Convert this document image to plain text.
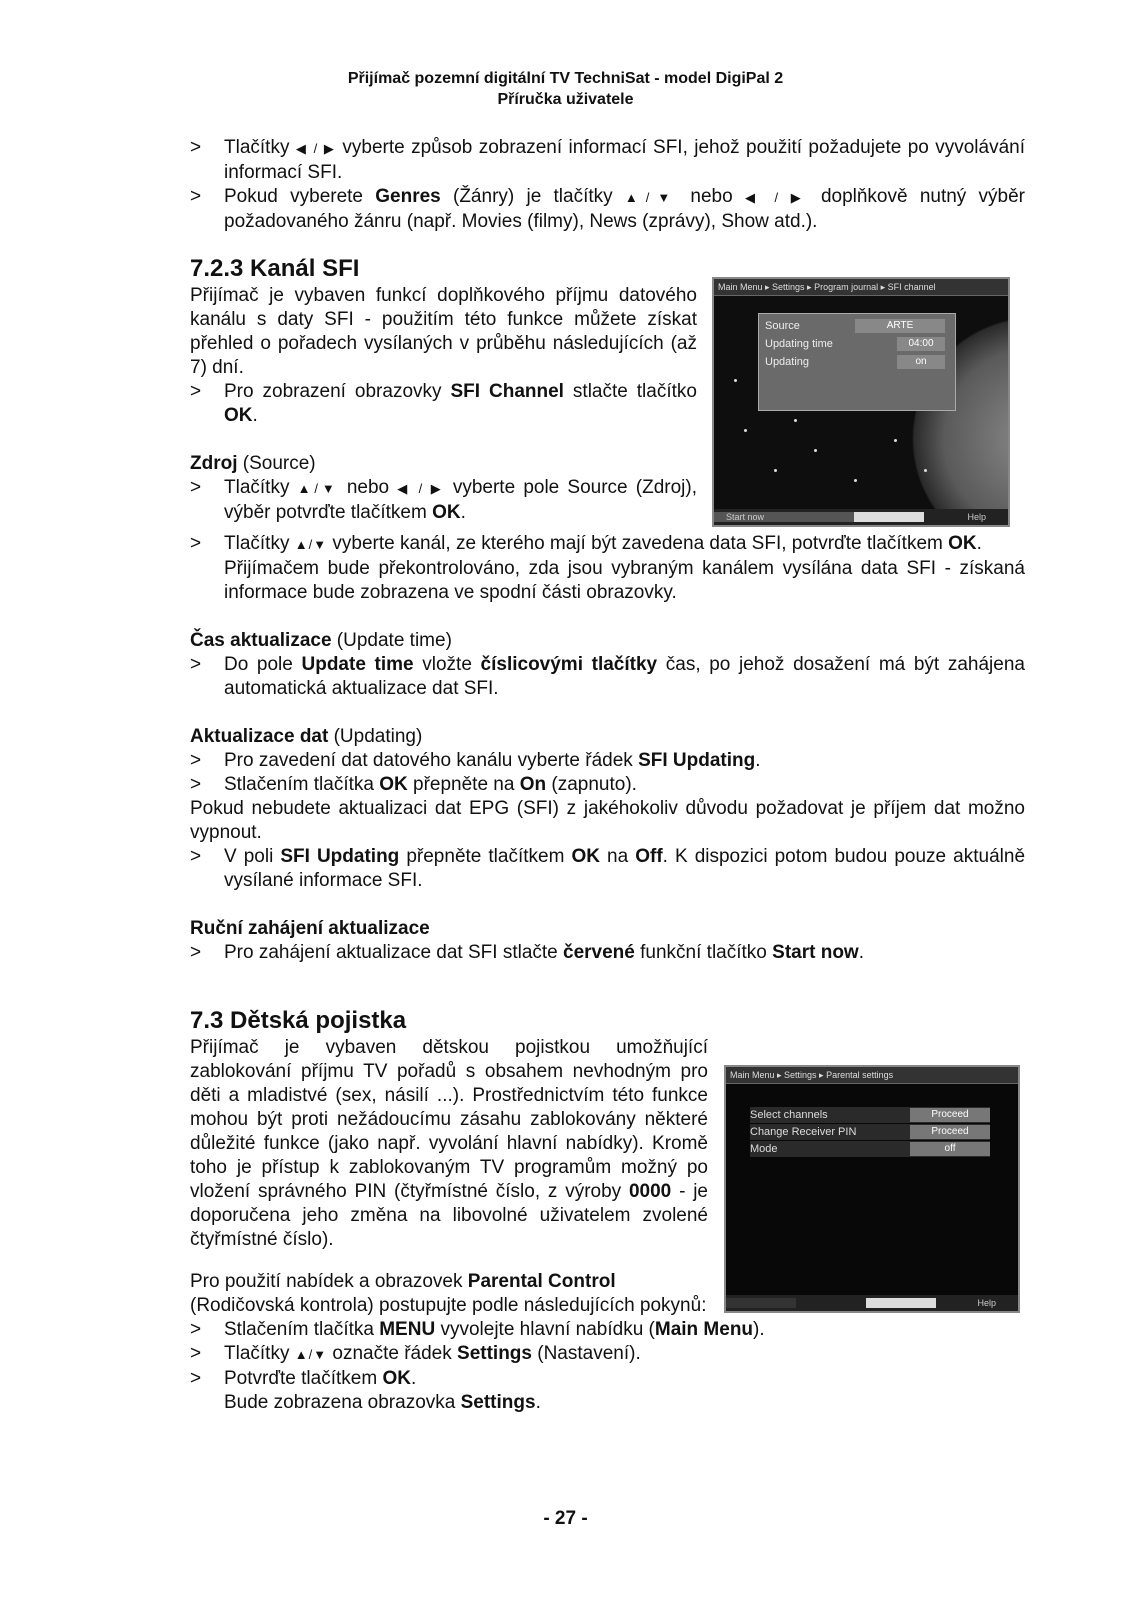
Přijímač pozemní digitální TV TechniSat - model DigiPal 2
Příručka uživatele

> Tlačítky ◀ / ▶ vyberte způsob zobrazení informací SFI, jehož použití požadujete po vyvolávání informací SFI.

> Pokud vyberete Genres (Žánry) je tlačítky ▲/▼ nebo ◀ / ▶ doplňkově nutný výběr požadovaného žánru (např. Movies (filmy), News (zprávy), Show atd.).

7.2.3 Kanál SFI

Přijímač je vybaven funkcí doplňkového příjmu datového kanálu s daty SFI - použitím této funkce můžete získat přehled o pořadech vysílaných v průběhu následujících (až 7) dní.

> Pro zobrazení obrazovky SFI Channel stlačte tlačítko OK.

Zdroj (Source)

> Tlačítky ▲/▼ nebo ◀ / ▶ vyberte pole Source (Zdroj), výběr potvrďte tlačítkem OK.

> Tlačítky ▲/▼ vyberte kanál, ze kterého mají být zavedena data SFI, potvrďte tlačítkem OK.

Přijímačem bude překontrolováno, zda jsou vybraným kanálem vysílána data SFI - získaná informace bude zobrazena ve spodní části obrazovky.

Čas aktualizace (Update time)

> Do pole Update time vložte číslicovými tlačítky čas, po jehož dosažení má být zahájena automatická aktualizace dat SFI.

Aktualizace dat (Updating)

> Pro zavedení dat datového kanálu vyberte řádek SFI Updating.

> Stlačením tlačítka OK přepněte na On (zapnuto).

Pokud nebudete aktualizaci dat EPG (SFI) z jakéhokoliv důvodu požadovat je příjem dat možno vypnout.

> V poli SFI Updating přepněte tlačítkem OK na Off. K dispozici potom budou pouze aktuálně vysílané informace SFI.

Ruční zahájení aktualizace

> Pro zahájení aktualizace dat SFI stlačte červené funkční tlačítko Start now.

Main Menu ▸ Settings ▸ Program journal ▸ SFI channel
Source	ARTE
Updating time	04:00
Updating	on
Start now	Help

7.3 Dětská pojistka

Přijímač je vybaven dětskou pojistkou umožňující zablokování příjmu TV pořadů s obsahem nevhodným pro děti a mladistvé (sex, násilí ...). Prostřednictvím této funkce mohou být proti nežádoucímu zásahu zablokovány některé důležité funkce (jako např. vyvolání hlavní nabídky). Kromě toho je přístup k zablokovaným TV programům možný po vložení správného PIN (čtyřmístné číslo, z výroby 0000 - je doporučena jeho změna na libovolné uživatelem zvolené čtyřmístné číslo).

Pro použití nabídek a obrazovek Parental Control

(Rodičovská kontrola) postupujte podle následujících pokynů:

> Stlačením tlačítka MENU vyvolejte hlavní nabídku (Main Menu).

> Tlačítky ▲/▼ označte řádek Settings (Nastavení).

> Potvrďte tlačítkem OK.

Bude zobrazena obrazovka Settings.

Main Menu ▸ Settings ▸ Parental settings
Select channels	Proceed
Change Receiver PIN	Proceed
Mode	off
Help
- 27 -
